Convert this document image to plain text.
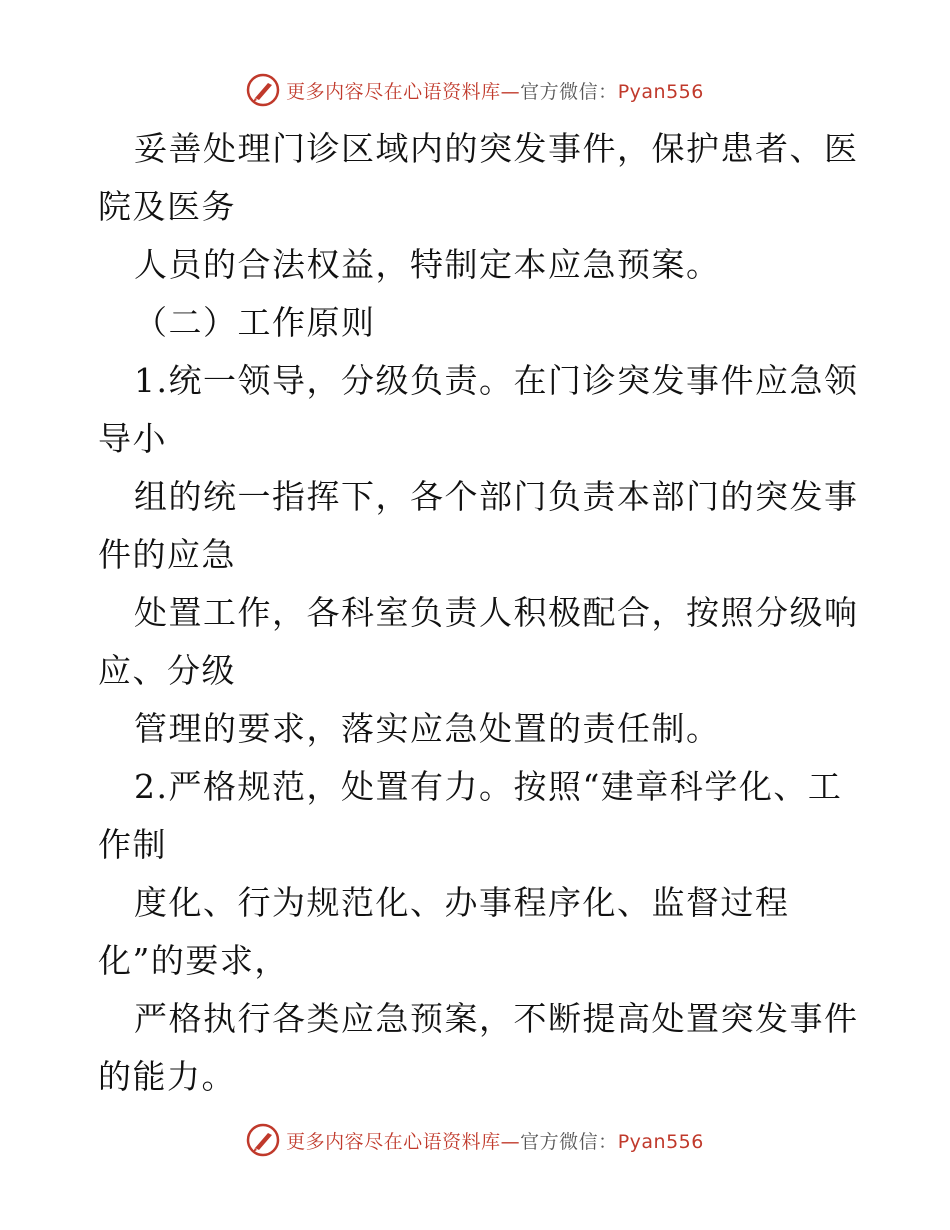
更多内容尽在心语资料库—官方微信：Pyan556
妥善处理门诊区域内的突发事件，保护患者、医
院及医务
人员的合法权益，特制定本应急预案。
（二）工作原则
1.统一领导，分级负责。在门诊突发事件应急领
导小
组的统一指挥下，各个部门负责本部门的突发事
件的应急
处置工作，各科室负责人积极配合，按照分级响
应、分级
管理的要求，落实应急处置的责任制。
2.严格规范，处置有力。按照“建章科学化、工
作制
度化、行为规范化、办事程序化、监督过程
化”的要求，
严格执行各类应急预案，不断提高处置突发事件
的能力。
更多内容尽在心语资料库—官方微信：Pyan556
